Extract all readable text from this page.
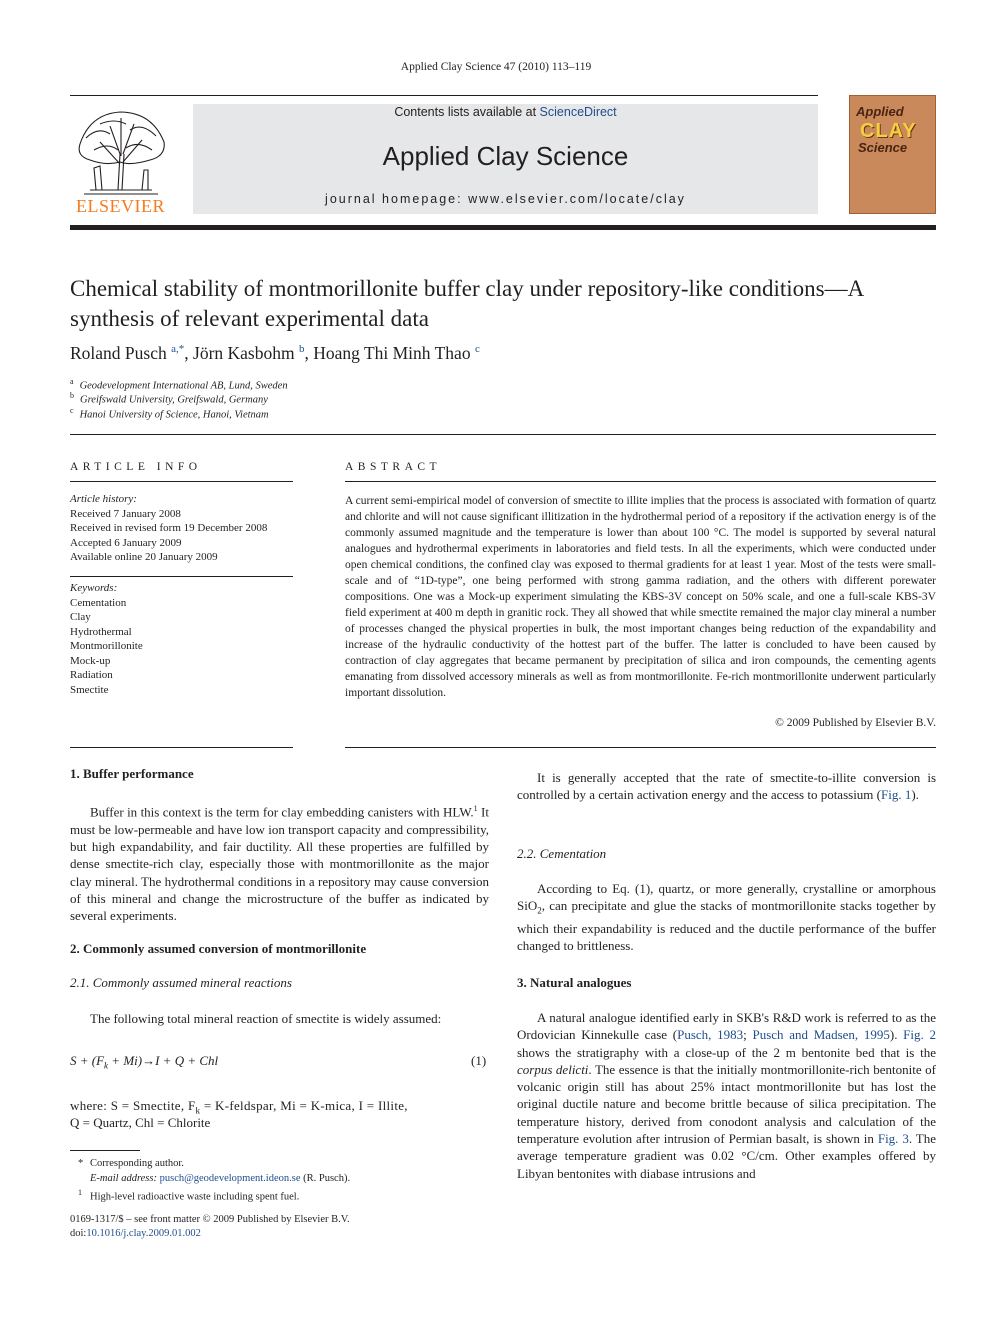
Applied Clay Science 47 (2010) 113–119
ELSEVIER
Contents lists available at ScienceDirect
Applied Clay Science
journal homepage: www.elsevier.com/locate/clay
Applied
CLAY
Science
Chemical stability of montmorillonite buffer clay under repository-like conditions—A
synthesis of relevant experimental data
Roland Pusch $^{a,*}$, Jörn Kasbohm $^b$, Hoang Thi Minh Thao $^c$
$^a$ Geodevelopment International AB, Lund, Sweden
$^b$ Greifswald University, Greifswald, Germany
$^c$ Hanoi University of Science, Hanoi, Vietnam
ARTICLE INFO
Article history:
Received 7 January 2008
Received in revised form 19 December 2008
Accepted 6 January 2009
Available online 20 January 2009
Keywords:
Cementation
Clay
Hydrothermal
Montmorillonite
Mock-up
Radiation
Smectite
ABSTRACT
A current semi-empirical model of conversion of smectite to illite implies that the process is associated with formation of quartz and chlorite and will not cause significant illitization in the hydrothermal period of a repository if the activation energy is of the commonly assumed magnitude and the temperature is lower than about 100 °C. The model is supported by several natural analogues and hydrothermal experiments in laboratories and field tests. In all the experiments, which were conducted under open chemical conditions, the confined clay was exposed to thermal gradients for at least 1 year. Most of the tests were small-scale and of “1D-type”, one being performed with strong gamma radiation, and the others with different porewater compositions. One was a Mock-up experiment simulating the KBS-3V concept on 50% scale, and one a full-scale KBS-3V field experiment at 400 m depth in granitic rock. They all showed that while smectite remained the major clay mineral a number of processes changed the physical properties in bulk, the most important changes being reduction of the expandability and increase of the hydraulic conductivity of the hottest part of the buffer. The latter is concluded to have been caused by contraction of clay aggregates that became permanent by precipitation of silica and iron compounds, the cementing agents emanating from dissolved accessory minerals as well as from montmorillonite. Fe-rich montmorillonite underwent particularly important dissolution.
© 2009 Published by Elsevier B.V.
1. Buffer performance
Buffer in this context is the term for clay embedding canisters with HLW.$^1$ It must be low-permeable and have low ion transport capacity and compressibility, but high expandability, and fair ductility. All these properties are fulfilled by dense smectite-rich clay, especially those with montmorillonite as the major clay mineral. The hydrothermal conditions in a repository may cause conversion of this mineral and change the microstructure of the buffer as indicated by several experiments.
2. Commonly assumed conversion of montmorillonite
2.1. Commonly assumed mineral reactions
The following total mineral reaction of smectite is widely assumed:
$S + (F_k + Mi)\to I + Q$ + Chl	(1)
where: S = Smectite, $F_k$ = K-feldspar, Mi = K-mica, I = Illite,
Q = Quartz, Chl = Chlorite
* Corresponding author.
E-mail address: pusch@geodevelopment.ideon.se (R. Pusch).
$^1$ High-level radioactive waste including spent fuel.
0169-1317/$ – see front matter © 2009 Published by Elsevier B.V.
doi:10.1016/j.clay.2009.01.002
It is generally accepted that the rate of smectite-to-illite conversion is controlled by a certain activation energy and the access to potassium (Fig. 1).
2.2. Cementation
According to Eq. (1), quartz, or more generally, crystalline or amorphous SiO$_2$, can precipitate and glue the stacks of montmorillonite stacks together by which their expandability is reduced and the ductile performance of the buffer changed to brittleness.
3. Natural analogues
A natural analogue identified early in SKB's R&D work is referred to as the Ordovician Kinnekulle case (Pusch, 1983; Pusch and Madsen, 1995). Fig. 2 shows the stratigraphy with a close-up of the 2 m bentonite bed that is the corpus delicti. The essence is that the initially montmorillonite-rich bentonite of volcanic origin still has about 25% intact montmorillonite but has lost the original ductile nature and become brittle because of silica precipitation. The temperature history, derived from conodont analysis and calculation of the temperature evolution after intrusion of Permian basalt, is shown in Fig. 3. The average temperature gradient was 0.02 °C/cm. Other examples offered by Libyan bentonites with diabase intrusions and
